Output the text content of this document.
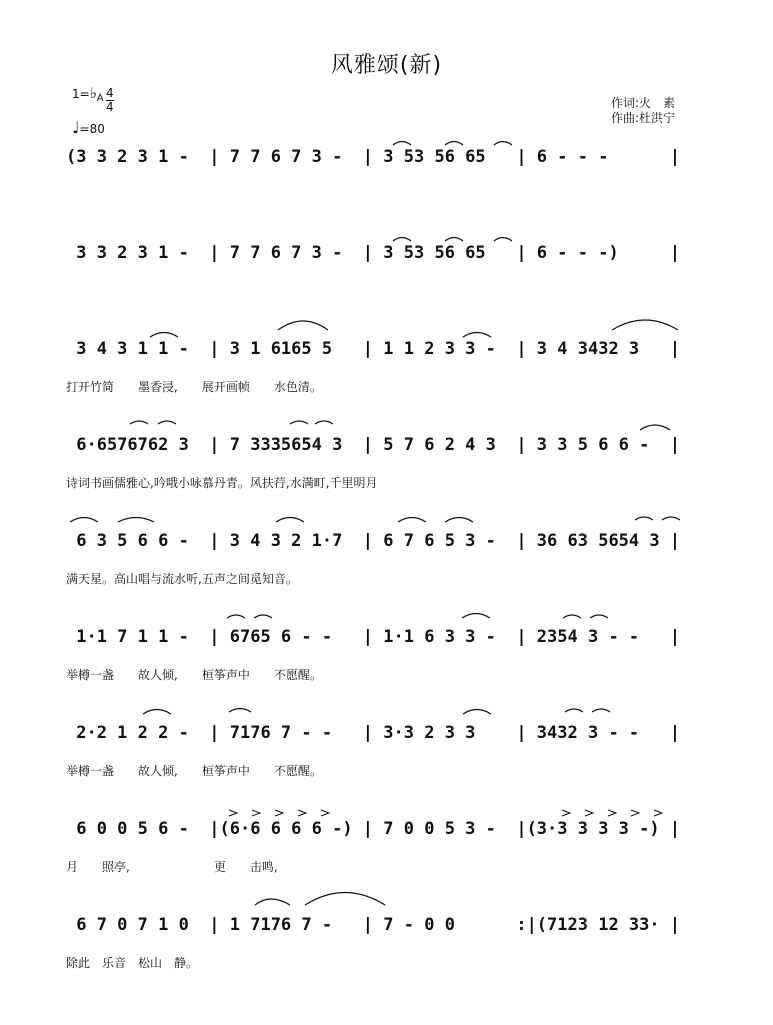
风雅颂(新)
作词:火　素
作曲:杜洪宁
$1=♭_A$ 4
4
♩=80
(3 3 2 3 1 -  | 7 7 6 7 3 -  | 3 53 56 65   | 6 - - -      |
3 3 2 3 1 -  | 7 7 6 7 3 -  | 3 53 56 65   | 6 - - -)     |
3 4 3 1 1 -  | 3 1 6165 5   | 1 1 2 3 3 -  | 3 4 3432 3   |
打开竹简　　墨香浸,　　展开画帧　　水色清。
6·6576762 3  | 7 3335654 3  | 5 7 6 2 4 3  | 3 3 5 6 6 -  |
诗词书画儒雅心,吟哦小咏慕丹青。风扶荇,水满町,千里明月
6 3 5 6 6 -  | 3 4 3 2 1·7  | 6 7 6 5 3 -  | 36 63 5654 3 |
满天星。高山唱与流水听,五声之间觅知音。
1·1 7 1 1 -  | 6765 6 - -   | 1·1 6 3 3 -  | 2354 3 - -   |
举樽一盏　　故人倾,　　桓筝声中　　不愿醒。
2·2 1 2 2 -  | 7176 7 - -   | 3·3 2 3 3    | 3432 3 - -   |
举樽一盏　　故人倾,　　桓筝声中　　不愿醒。
6 0 0 5 6 -  |(6·6 6 6 6 -) | 7 0 0 5 3 -  |(3·3 3 3 3 -) |
月　　照亭,　　　　　　　更　　击鸣,
6 7 0 7 1 0  | 1 7176 7 -   | 7 - 0 0      :|(7123 12 33· |
除此　乐音　松山　静。
